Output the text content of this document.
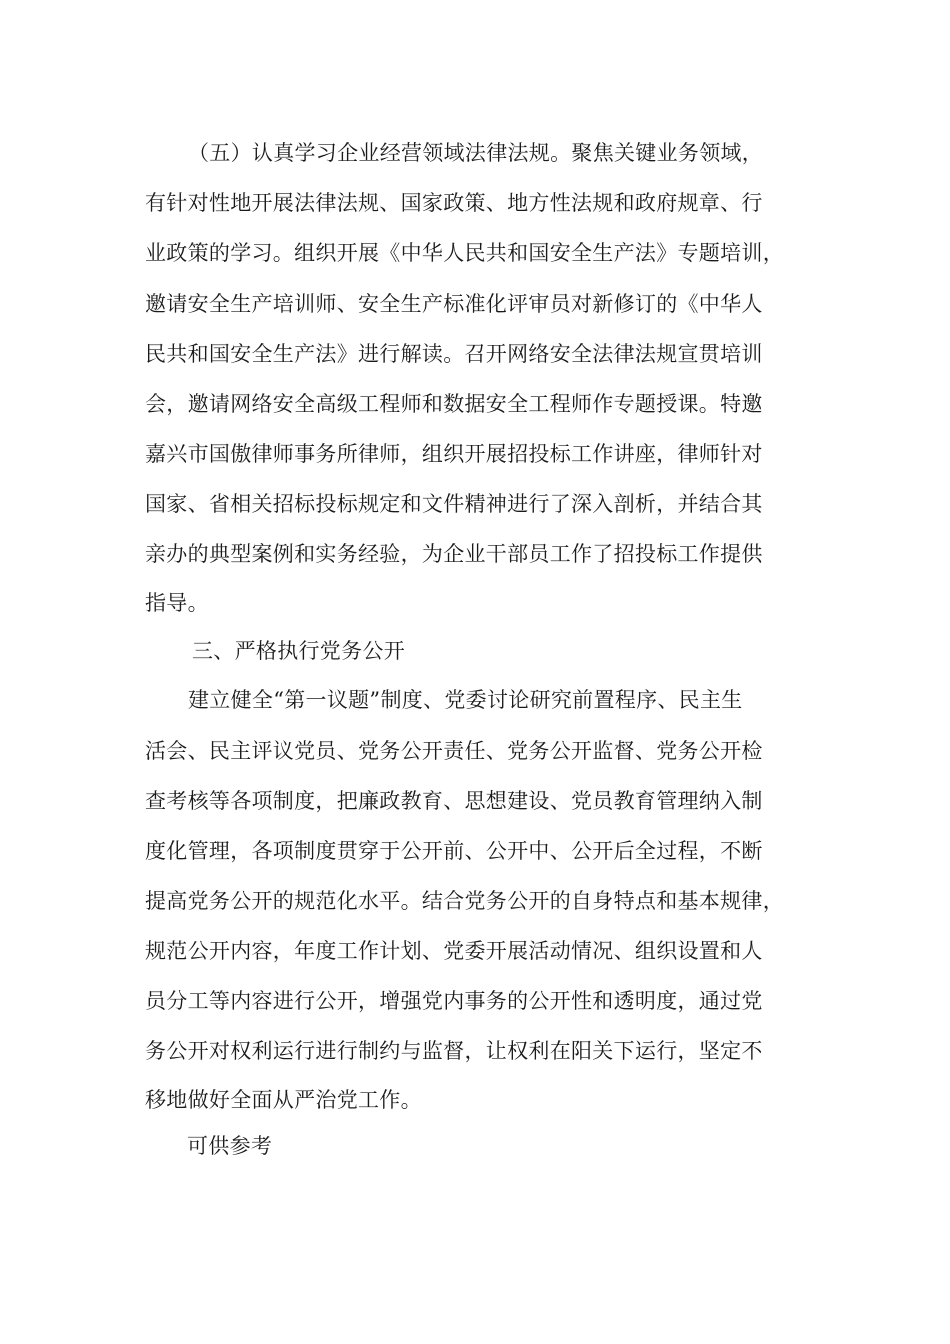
（五）认真学习企业经营领域法律法规。聚焦关键业务领域，
有针对性地开展法律法规、国家政策、地方性法规和政府规章、行
业政策的学习。组织开展《中华人民共和国安全生产法》专题培训，
邀请安全生产培训师、安全生产标准化评审员对新修订的《中华人
民共和国安全生产法》进行解读。召开网络安全法律法规宣贯培训
会，邀请网络安全高级工程师和数据安全工程师作专题授课。特邀
嘉兴市国傲律师事务所律师，组织开展招投标工作讲座，律师针对
国家、省相关招标投标规定和文件精神进行了深入剖析，并结合其
亲办的典型案例和实务经验，为企业干部员工作了招投标工作提供
指导。
三、严格执行党务公开
建立健全“第一议题”制度、党委讨论研究前置程序、民主生
活会、民主评议党员、党务公开责任、党务公开监督、党务公开检
查考核等各项制度，把廉政教育、思想建设、党员教育管理纳入制
度化管理，各项制度贯穿于公开前、公开中、公开后全过程，不断
提高党务公开的规范化水平。结合党务公开的自身特点和基本规律，
规范公开内容，年度工作计划、党委开展活动情况、组织设置和人
员分工等内容进行公开，增强党内事务的公开性和透明度，通过党
务公开对权利运行进行制约与监督，让权利在阳关下运行，坚定不
移地做好全面从严治党工作。
可供参考
